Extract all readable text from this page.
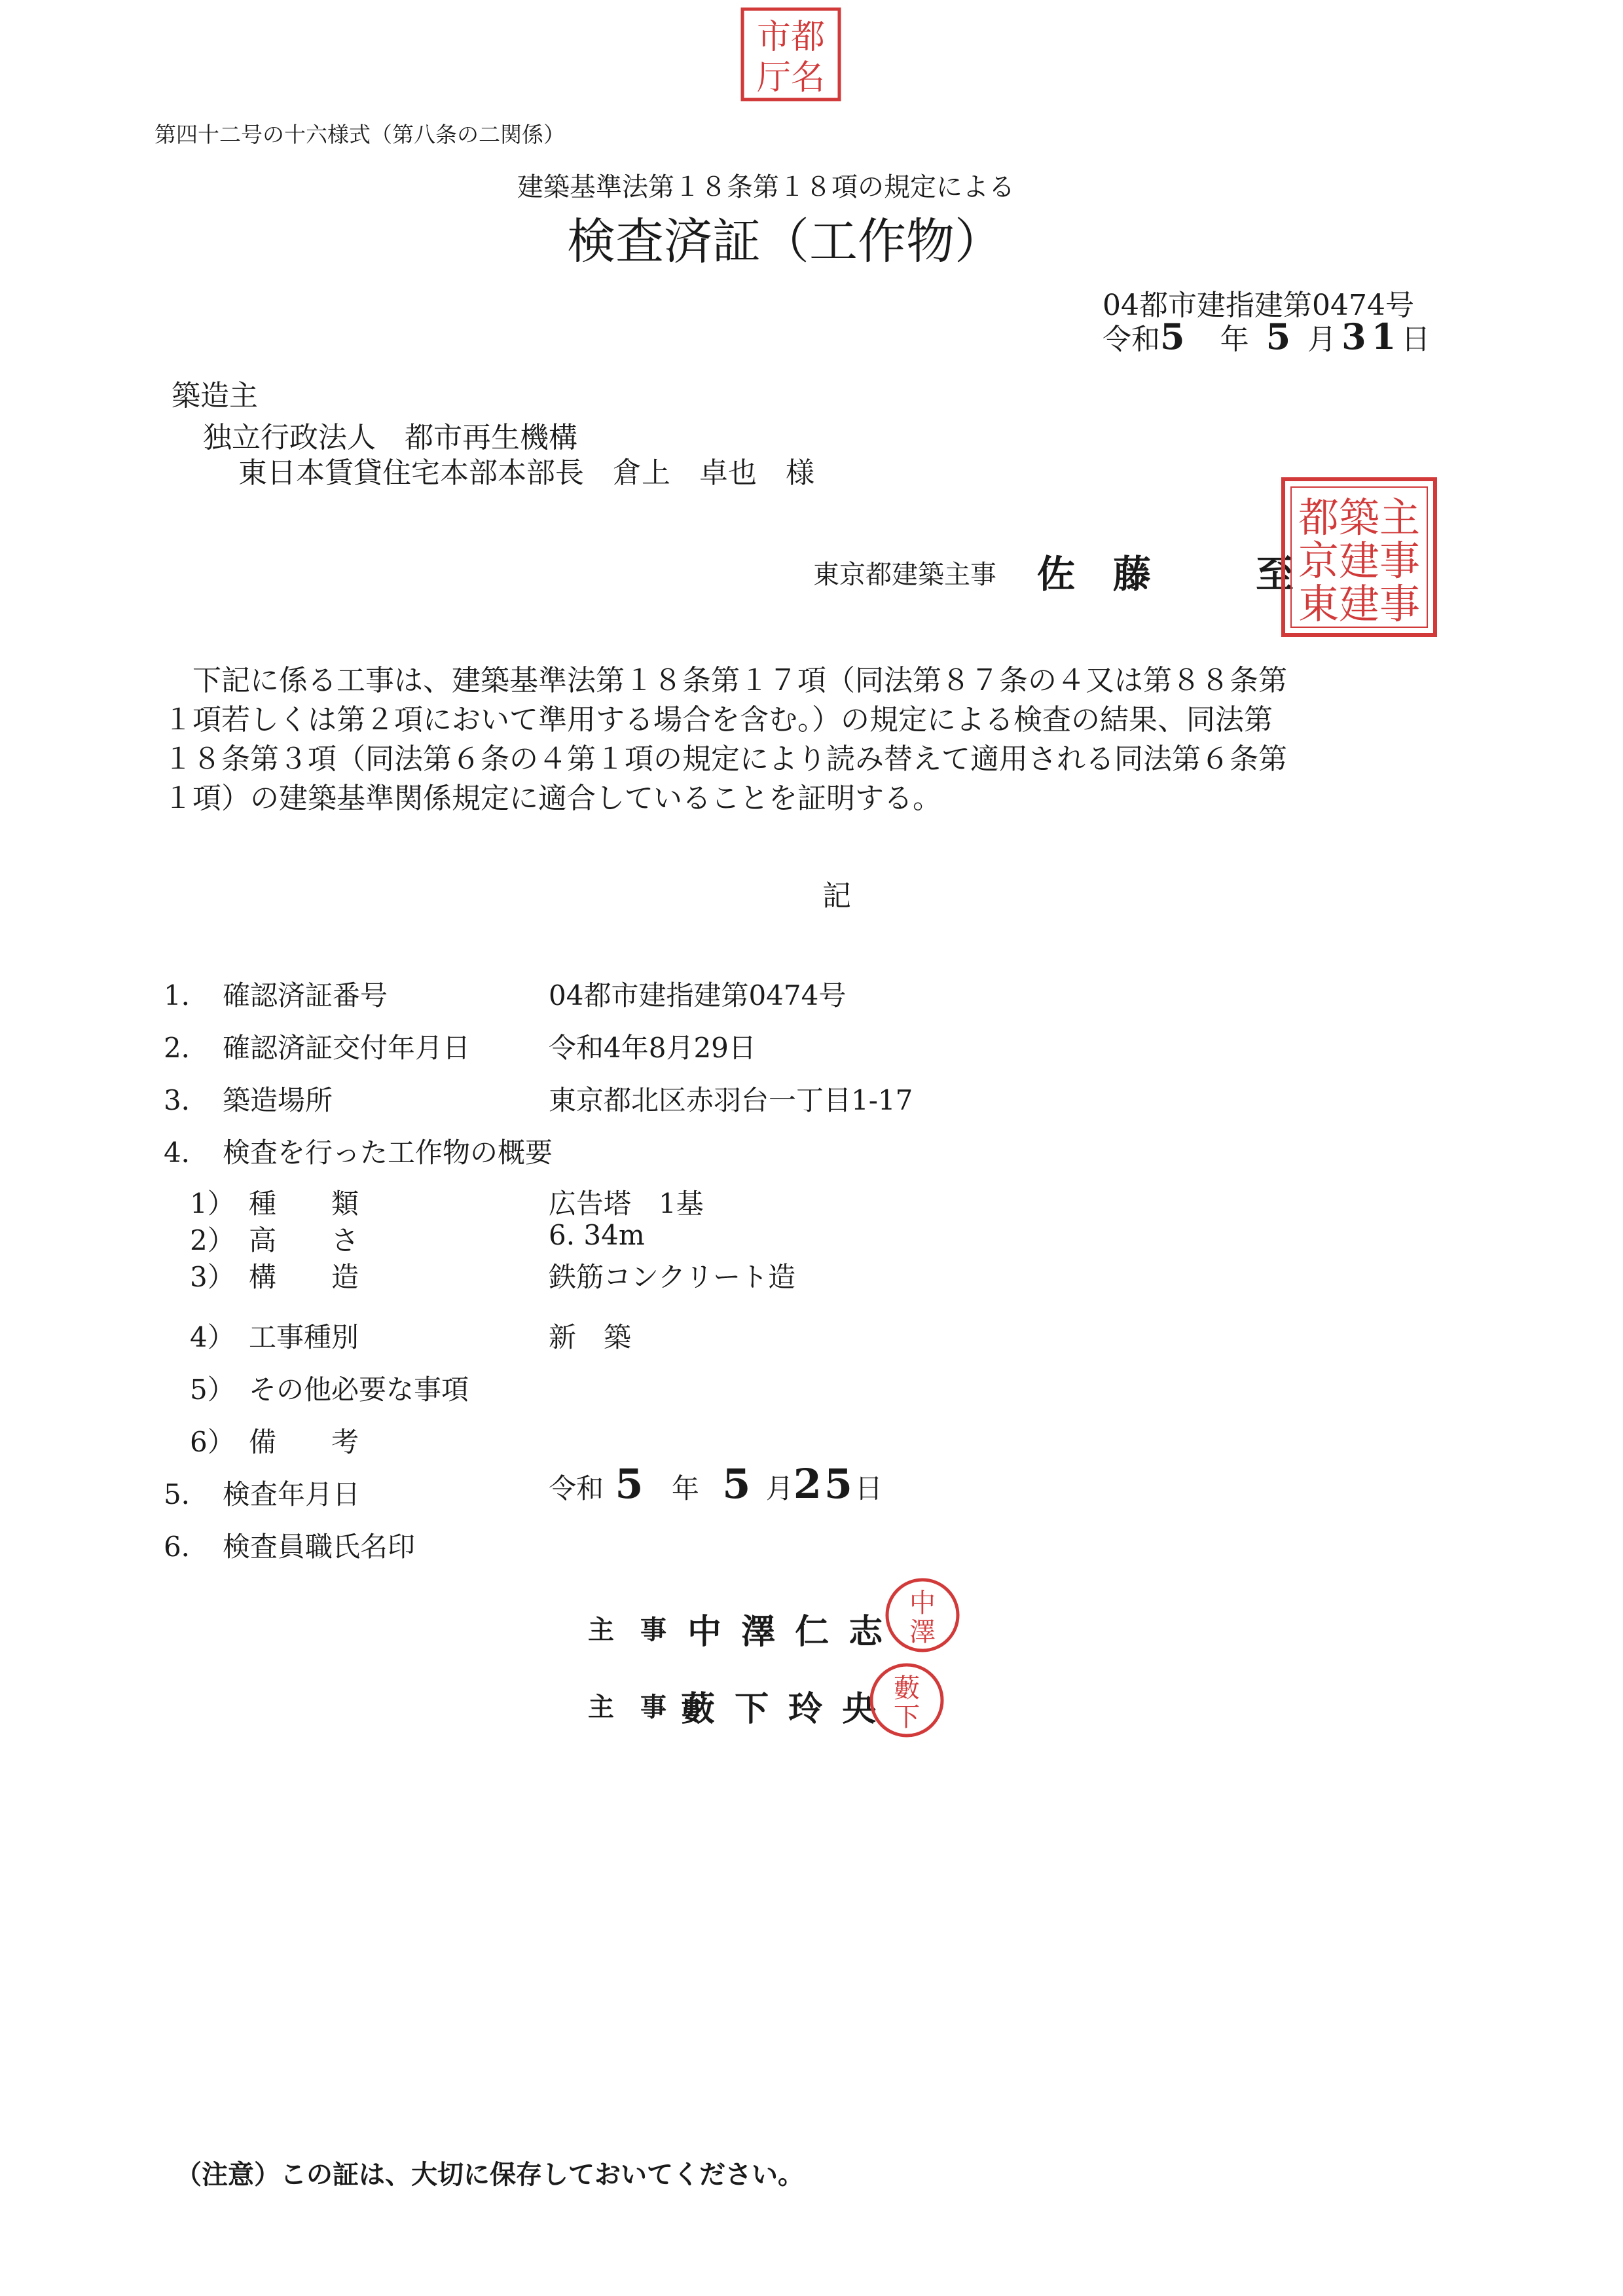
市都
厅名
第四十二号の十六様式（第八条の二関係）
建築基準法第１８条第１８項の規定による
検査済証（工作物）
04都市建指建第0474号
令和5 年 5 月 31日
築造主
独立行政法人　都市再生機構
東日本賃貸住宅本部本部長　倉上　卓也　様
東京都建築主事 佐　藤	至
都築主
京建事
東建事
下記に係る工事は、建築基準法第１８条第１７項（同法第８７条の４又は第８８条第
１項若しくは第２項において準用する場合を含む。）の規定による検査の結果、同法第
１８条第３項（同法第６条の４第１項の規定により読み替えて適用される同法第６条第
１項）の建築基準関係規定に適合していることを証明する。
記
1． 確認済証番号	04都市建指建第0474号
2． 確認済証交付年月日	令和4年8月29日
3． 築造場所	東京都北区赤羽台一丁目1-17
4． 検査を行った工作物の概要
1） 種　　類	広告塔　1基
2） 高　　さ	6. 34m
3） 構　　造	鉄筋コンクリート造
4） 工事種別	新　築
5） その他必要な事項
6） 備　　考
5． 検査年月日	令和 5 年 5 月25日
6． 検査員職氏名印
主　事 中 澤 仁 志
主　事 藪 下 玲 央
中
澤
藪
下
（注意）この証は、大切に保存しておいてください。
